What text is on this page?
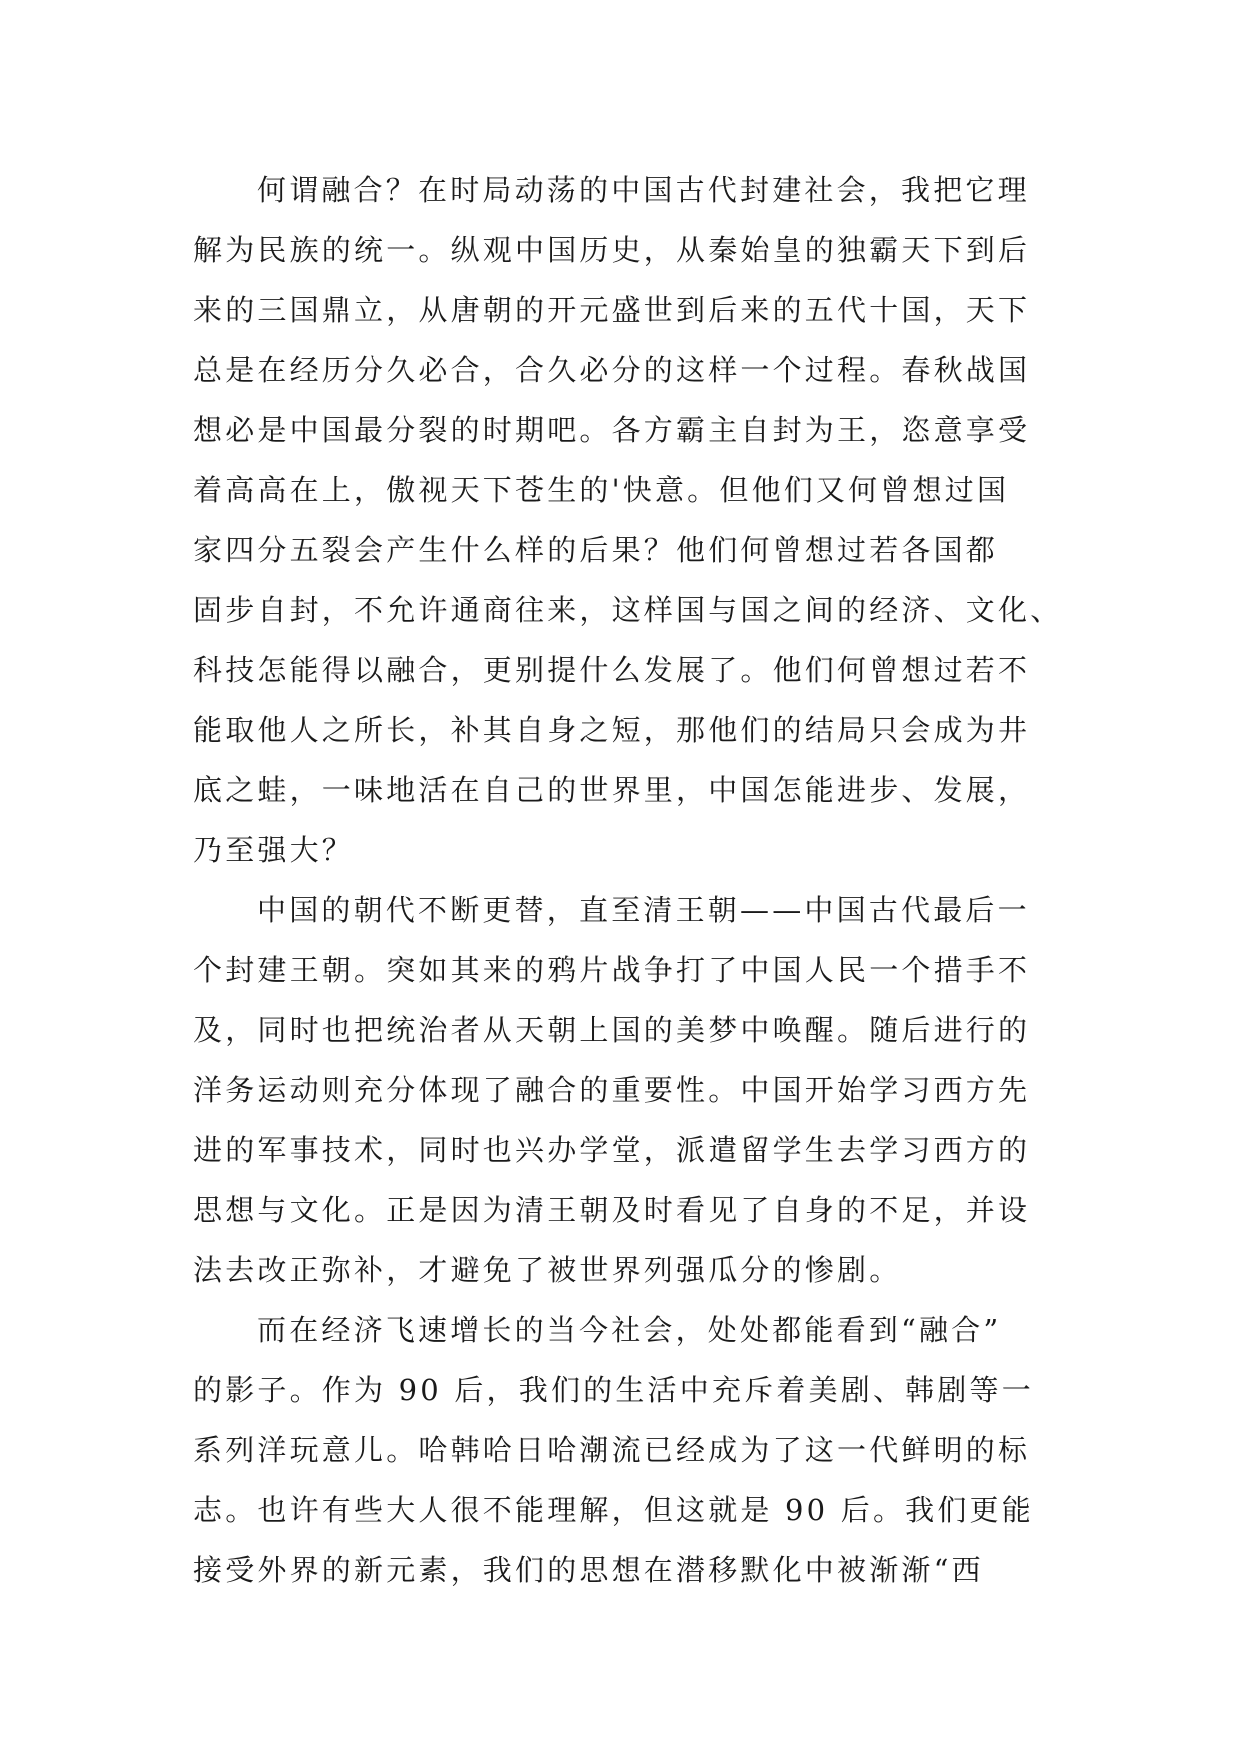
何谓融合？在时局动荡的中国古代封建社会，我把它理
解为民族的统一。纵观中国历史，从秦始皇的独霸天下到后
来的三国鼎立，从唐朝的开元盛世到后来的五代十国，天下
总是在经历分久必合，合久必分的这样一个过程。春秋战国
想必是中国最分裂的时期吧。各方霸主自封为王，恣意享受
着高高在上，傲视天下苍生的'快意。但他们又何曾想过国
家四分五裂会产生什么样的后果？他们何曾想过若各国都
固步自封，不允许通商往来，这样国与国之间的经济、文化、
科技怎能得以融合，更别提什么发展了。他们何曾想过若不
能取他人之所长，补其自身之短，那他们的结局只会成为井
底之蛙，一味地活在自己的世界里，中国怎能进步、发展，
乃至强大？
中国的朝代不断更替，直至清王朝——中国古代最后一
个封建王朝。突如其来的鸦片战争打了中国人民一个措手不
及，同时也把统治者从天朝上国的美梦中唤醒。随后进行的
洋务运动则充分体现了融合的重要性。中国开始学习西方先
进的军事技术，同时也兴办学堂，派遣留学生去学习西方的
思想与文化。正是因为清王朝及时看见了自身的不足，并设
法去改正弥补，才避免了被世界列强瓜分的惨剧。
而在经济飞速增长的当今社会，处处都能看到“融合”
的影子。作为 90 后，我们的生活中充斥着美剧、韩剧等一
系列洋玩意儿。哈韩哈日哈潮流已经成为了这一代鲜明的标
志。也许有些大人很不能理解，但这就是 90 后。我们更能
接受外界的新元素，我们的思想在潜移默化中被渐渐“西
